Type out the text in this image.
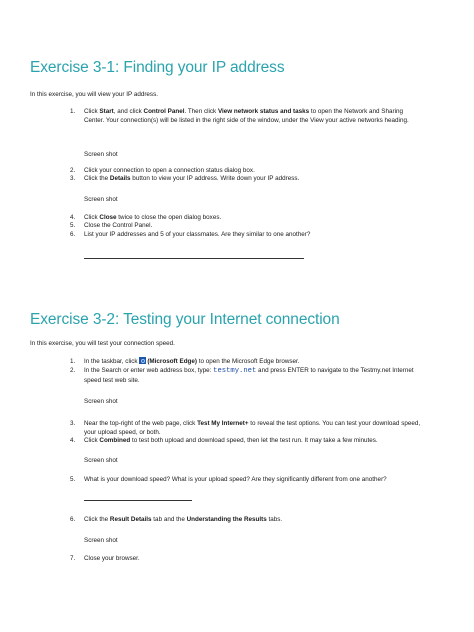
Exercise 3-1: Finding your IP address
In this exercise, you will view your IP address.
1. Click Start, and click Control Panel. Then click View network status and tasks to open the Network and Sharing Center. Your connection(s) will be listed in the right side of the window, under the View your active networks heading.
Screen shot
2. Click your connection to open a connection status dialog box.
3. Click the Details button to view your IP address. Write down your IP address.
Screen shot
4. Click Close twice to close the open dialog boxes.
5. Close the Control Panel.
6. List your IP addresses and 5 of your classmates. Are they similar to one another?
Exercise 3-2: Testing your Internet connection
In this exercise, you will test your connection speed.
1. In the taskbar, click (Microsoft Edge) to open the Microsoft Edge browser.
2. In the Search or enter web address box, type: testmy.net and press ENTER to navigate to the Testmy.net Internet speed test web site.
Screen shot
3. Near the top-right of the web page, click Test My Internet+ to reveal the test options. You can test your download speed, your upload speed, or both.
4. Click Combined to test both upload and download speed, then let the test run. It may take a few minutes.
Screen shot
5. What is your download speed? What is your upload speed? Are they significantly different from one another?
6. Click the Result Details tab and the Understanding the Results tabs.
Screen shot
7. Close your browser.
